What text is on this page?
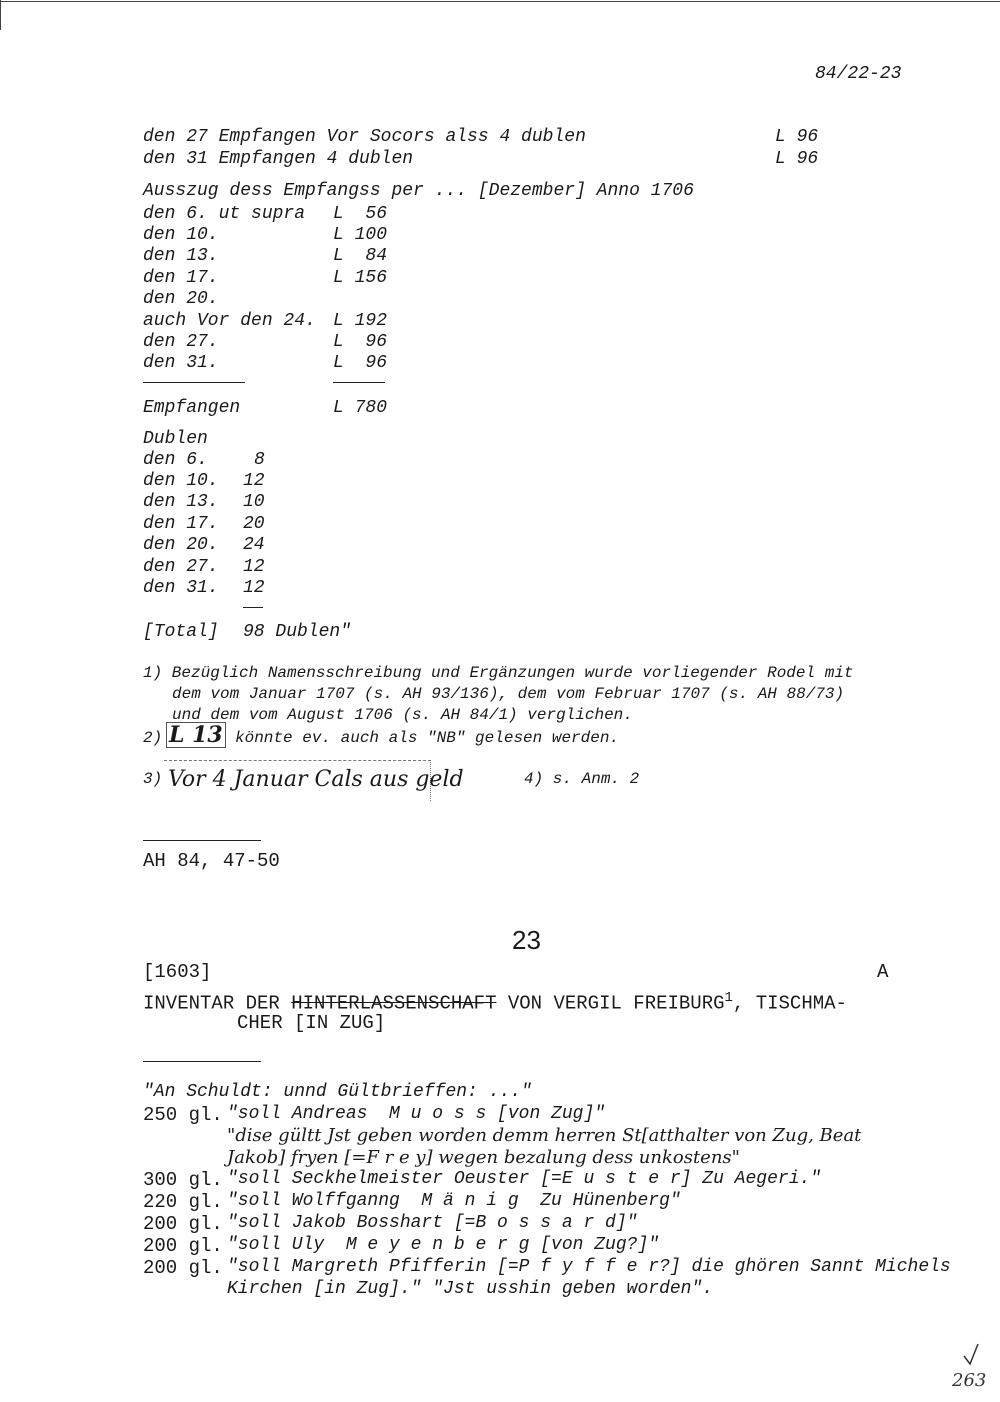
84/22-23
den 27 Empfangen Vor Socors alss 4 dublen	L 96
den 31 Empfangen 4 dublen	L 96
Ausszug dess Empfangss per ... [Dezember] Anno 1706
den 6. ut supra L  56
den 10.	L 100
den 13.	L  84
den 17.	L 156
den 20.
auch Vor den 24. L 192
den 27.	L  96
den 31.	L  96
Empfangen	L 780
Dublen
den 6.	8
den 10. 12
den 13. 10
den 17. 20
den 20. 24
den 27. 12
den 31. 12
[Total] 98 Dublen"
1) Bezüglich Namensschreibung und Ergänzungen wurde vorliegender Rodel mit
dem vom Januar 1707 (s. AH 93/136), dem vom Februar 1707 (s. AH 88/73)
und dem vom August 1706 (s. AH 84/1) verglichen.
2) L 13 könnte ev. auch als "NB" gelesen werden.
3) Vor 4 Januar Cals aus geld	4) s. Anm. 2
AH 84, 47-50
23
[1603]	A
INVENTAR DER HINTERLASSENSCHAFT VON VERGIL FREIBURG$^1$, TISCHMA-
CHER [IN ZUG]
"An Schuldt: unnd Gültbrieffen: ..."
250 gl. "soll Andreas  M u o s s [von Zug]"
"dise gültt Jst geben worden demm herren St[atthalter von Zug, Beat
Jakob] fryen [=F r e y] wegen bezalung dess unkostens"
300 gl. "soll Seckhelmeister Oeuster [=E u s t e r] Zu Aegeri."
220 gl. "soll Wolffganng  M ä n i g  Zu Hünenberg"
200 gl. "soll Jakob Bosshart [=B o s s a r d]"
200 gl. "soll Uly  M e y e n b e r g [von Zug?]"
200 gl. "soll Margreth Pfifferin [=P f y f f e r?] die ghören Sannt Michels
Kirchen [in Zug]." "Jst usshin geben worden".
263
